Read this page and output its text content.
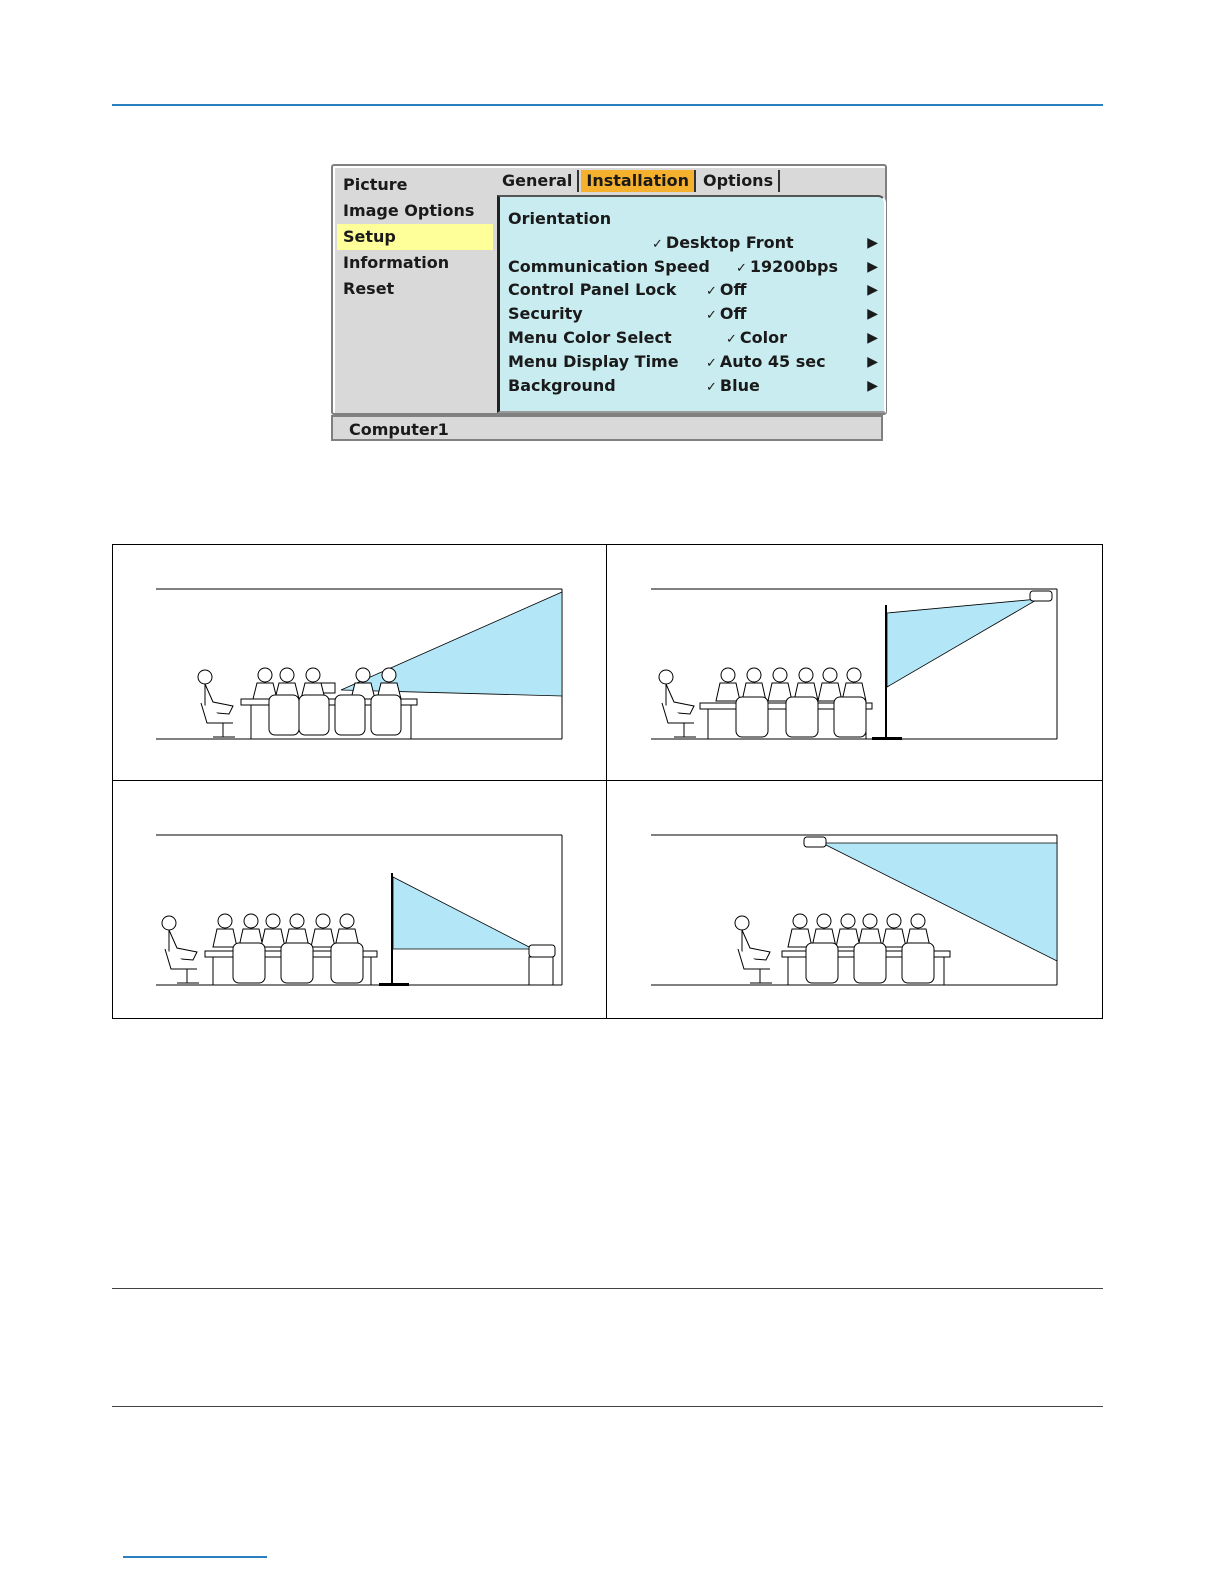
Picture
Image Options
Setup
Information
Reset
General Installation Options
Orientation
✓ Desktop Front	▶
Communication Speed ✓ 19200bps ▶
Control Panel Lock ✓ Off	▶
Security	✓ Off	▶
Menu Color Select	✓ Color	▶
Menu Display Time ✓ Auto 45 sec	▶
Background	✓ Blue	▶
Computer1
